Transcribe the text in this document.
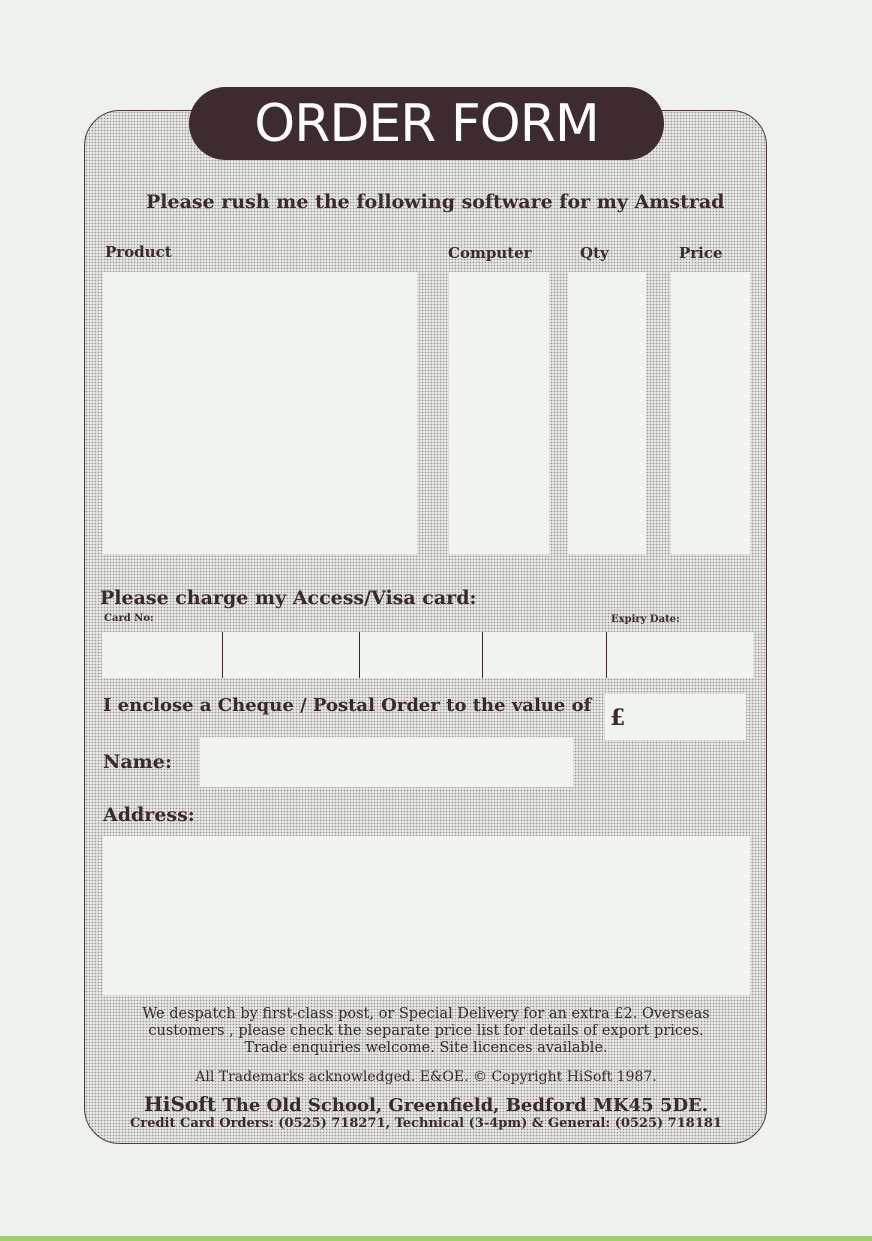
ORDER FORM
Please rush me the following software for my Amstrad
Product	Computer	Qty	Price
Please charge my Access/Visa card:
Card No:	Expiry Date:
I enclose a Cheque / Postal Order to the value of £
Name:
Address:
We despatch by first-class post, or Special Delivery for an extra £2. Overseas
customers , please check the separate price list for details of export prices.
Trade enquiries welcome. Site licences available.
All Trademarks acknowledged. E&OE. © Copyright HiSoft 1987.
HiSoft The Old School, Greenfield, Bedford MK45 5DE.
Credit Card Orders: (0525) 718271, Technical (3-4pm) & General: (0525) 718181
